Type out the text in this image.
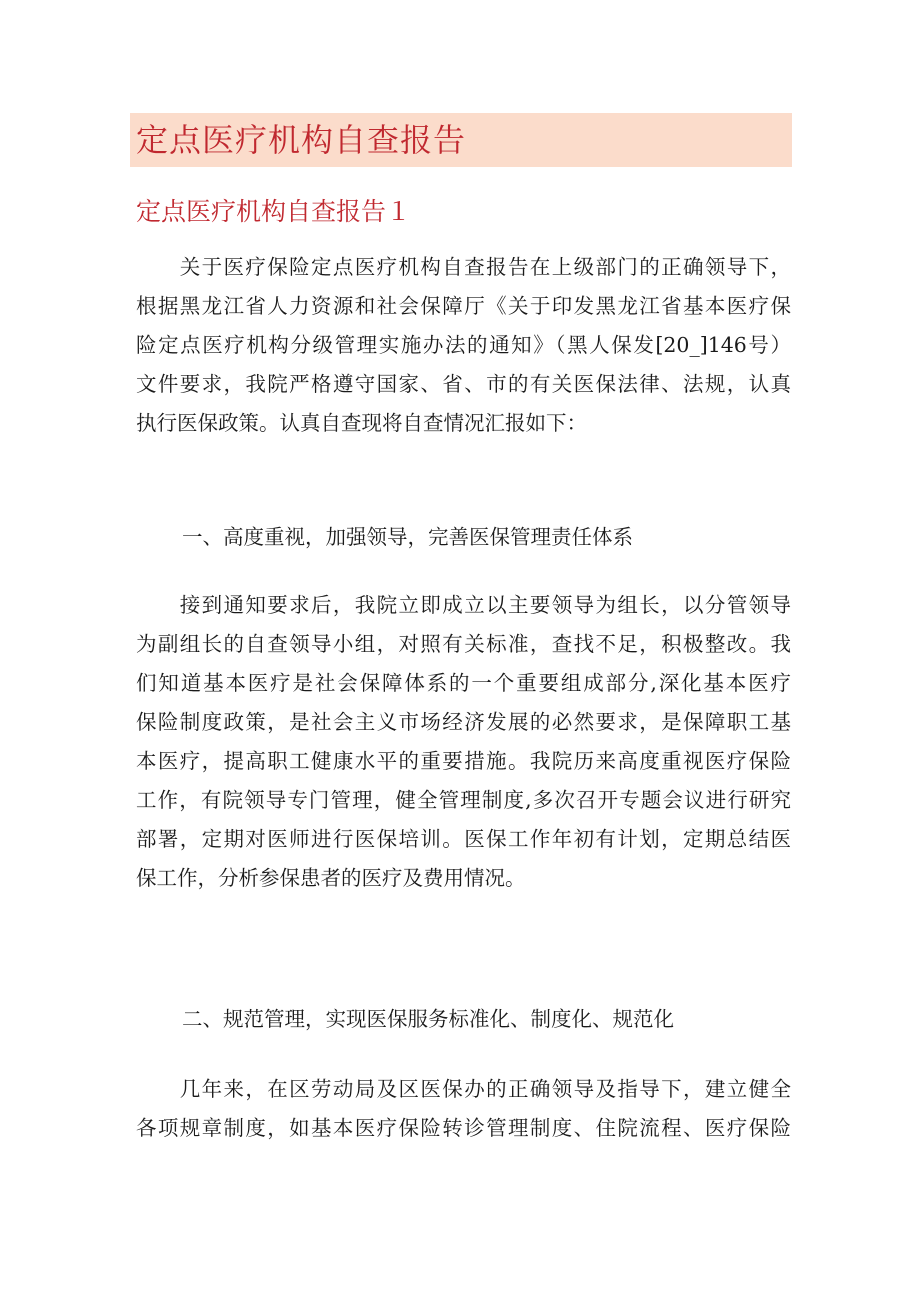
定点医疗机构自查报告
定点医疗机构自查报告１
　　关于医疗保险定点医疗机构自查报告在上级部门的正确领导下，
根据黑龙江省人力资源和社会保障厅《关于印发黑龙江省基本医疗保
险定点医疗机构分级管理实施办法的通知》（黑人保发[20_]146号）
文件要求，我院严格遵守国家、省、市的有关医保法律、法规，认真
执行医保政策。认真自查现将自查情况汇报如下：
一、高度重视，加强领导，完善医保管理责任体系
　　接到通知要求后，我院立即成立以主要领导为组长，以分管领导
为副组长的自查领导小组，对照有关标准，查找不足，积极整改。我
们知道基本医疗是社会保障体系的一个重要组成部分,深化基本医疗
保险制度政策，是社会主义市场经济发展的必然要求，是保障职工基
本医疗，提高职工健康水平的重要措施。我院历来高度重视医疗保险
工作，有院领导专门管理，健全管理制度,多次召开专题会议进行研究
部署，定期对医师进行医保培训。医保工作年初有计划，定期总结医
保工作，分析参保患者的医疗及费用情况。
二、规范管理，实现医保服务标准化、制度化、规范化
　　几年来，在区劳动局及区医保办的正确领导及指导下，建立健全
各项规章制度，如基本医疗保险转诊管理制度、住院流程、医疗保险
